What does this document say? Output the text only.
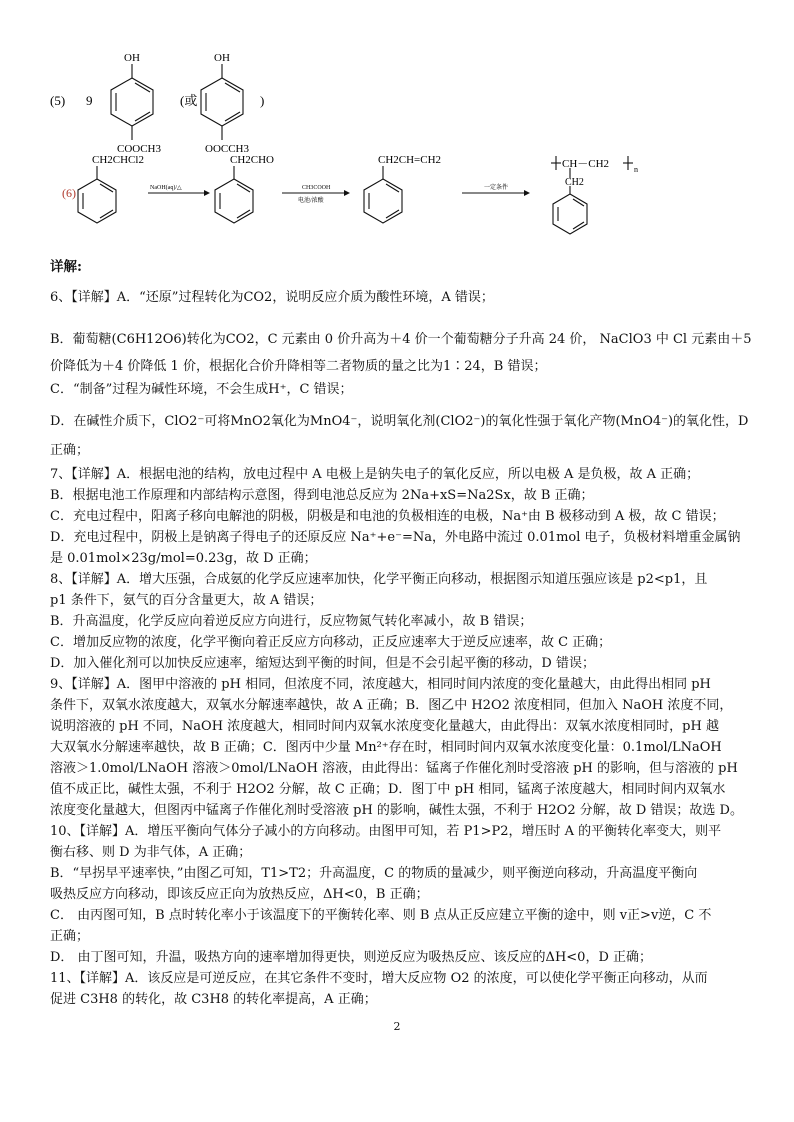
(5) 9
OH
COOCH3
(或
OH
OOCCH3
)
(6)
CH2CHCl2
NaOH(aq)/△
CH2CHO
CH3COOH
电池/浓酸
CH2CH=CH2
一定条件
CH－CH2
CH2
n
详解:
6、【详解】A．“还原”过程转化为CO2，说明反应介质为酸性环境，A 错误；
B．葡萄糖(C6H12O6)转化为CO2，C 元素由 0 价升高为＋4 价一个葡萄糖分子升高 24 价， NaClO3 中 Cl 元素由＋5
价降低为＋4 价降低 1 价，根据化合价升降相等二者物质的量之比为1∶24，B 错误；
C．“制备”过程为碱性环境，不会生成H⁺，C 错误；
D．在碱性介质下，ClO2⁻可将MnO2氧化为MnO4⁻，说明氧化剂(ClO2⁻)的氧化性强于氧化产物(MnO4⁻)的氧化性，D
正确；
7、【详解】A．根据电池的结构，放电过程中 A 电极上是钠失电子的氧化反应，所以电极 A 是负极，故 A 正确；
B．根据电池工作原理和内部结构示意图，得到电池总反应为 2Na+xS=Na2Sx，故 B 正确；
C．充电过程中，阳离子移向电解池的阴极，阴极是和电池的负极相连的电极，Na⁺由 B 极移动到 A 极，故 C 错误；
D．充电过程中，阴极上是钠离子得电子的还原反应 Na⁺+e⁻=Na，外电路中流过 0.01mol 电子，负极材料增重金属钠
是 0.01mol×23g/mol=0.23g，故 D 正确；
8、【详解】A．增大压强，合成氨的化学反应速率加快，化学平衡正向移动，根据图示知道压强应该是 p2<p1，且
p1 条件下，氨气的百分含量更大，故 A 错误；
B．升高温度，化学反应向着逆反应方向进行，反应物氮气转化率减小，故 B 错误；
C．增加反应物的浓度，化学平衡向着正反应方向移动，正反应速率大于逆反应速率，故 C 正确；
D．加入催化剂可以加快反应速率，缩短达到平衡的时间，但是不会引起平衡的移动，D 错误；
9、【详解】A．图甲中溶液的 pH 相同，但浓度不同，浓度越大，相同时间内浓度的变化量越大，由此得出相同 pH
条件下，双氧水浓度越大，双氧水分解速率越快，故 A 正确；B．图乙中 H2O2 浓度相同，但加入 NaOH 浓度不同，
说明溶液的 pH 不同，NaOH 浓度越大，相同时间内双氧水浓度变化量越大，由此得出：双氧水浓度相同时，pH 越
大双氧水分解速率越快，故 B 正确；C．图丙中少量 Mn²⁺存在时，相同时间内双氧水浓度变化量：0.1mol/LNaOH
溶液＞1.0mol/LNaOH 溶液＞0mol/LNaOH 溶液，由此得出：锰离子作催化剂时受溶液 pH 的影响，但与溶液的 pH
值不成正比，碱性太强，不利于 H2O2 分解，故 C 正确；D．图丁中 pH 相同，锰离子浓度越大，相同时间内双氧水
浓度变化量越大，但图丙中锰离子作催化剂时受溶液 pH 的影响，碱性太强，不利于 H2O2 分解，故 D 错误；故选 D。
10、【详解】A．增压平衡向气体分子减小的方向移动。由图甲可知，若 P1>P2，增压时 A 的平衡转化率变大，则平
衡右移、则 D 为非气体，A 正确；
B．“早拐早平速率快，”由图乙可知，T1>T2；升高温度，C 的物质的量减少，则平衡逆向移动，升高温度平衡向
吸热反应方向移动，即该反应正向为放热反应，ΔH<0，B 正确；
C． 由丙图可知，B 点时转化率小于该温度下的平衡转化率、则 B 点从正反应建立平衡的途中，则 v正>v逆，C 不
正确；
D． 由丁图可知，升温，吸热方向的速率增加得更快，则逆反应为吸热反应、该反应的ΔH<0，D 正确；
11、【详解】A．该反应是可逆反应，在其它条件不变时，增大反应物 O2 的浓度，可以使化学平衡正向移动，从而
促进 C3H8 的转化，故 C3H8 的转化率提高，A 正确；
2
